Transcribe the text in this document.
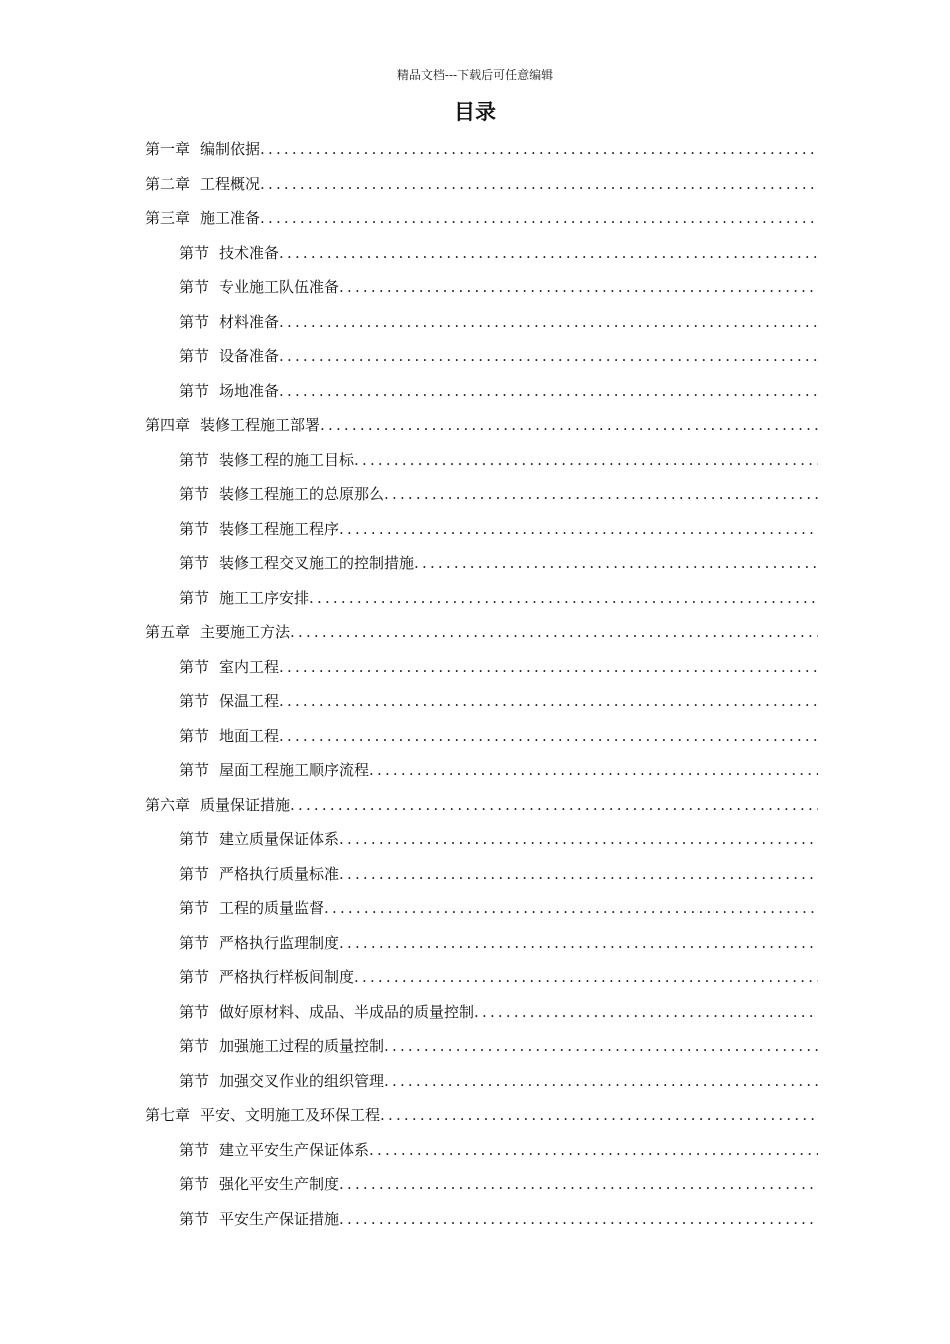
精品文档---下载后可任意编辑
目录
第一章 编制依据
.....
第二章 工程概况
.....
第三章 施工准备
.....
第节 技术准备
.....
第节 专业施工队伍准备
.....
第节 材料准备
.....
第节 设备准备
.....
第节 场地准备
.....
第四章 装修工程施工部署
.....
第节 装修工程的施工目标
.....
第节 装修工程施工的总原那么
.....
第节 装修工程施工程序
.....
第节 装修工程交叉施工的控制措施
.....
第节 施工工序安排
.....
第五章 主要施工方法
.....
第节 室内工程
.....
第节 保温工程
.....
第节 地面工程
.....
第节 屋面工程施工顺序流程
.....
第六章 质量保证措施
.....
第节 建立质量保证体系
.....
第节 严格执行质量标准
.....
第节 工程的质量监督
.....
第节 严格执行监理制度
.....
第节 严格执行样板间制度
.....
第节 做好原材料、成品、半成品的质量控制
.....
第节 加强施工过程的质量控制
.....
第节 加强交叉作业的组织管理
.....
第七章 平安、文明施工及环保工程
.....
第节 建立平安生产保证体系
.....
第节 强化平安生产制度
.....
第节 平安生产保证措施
.....
